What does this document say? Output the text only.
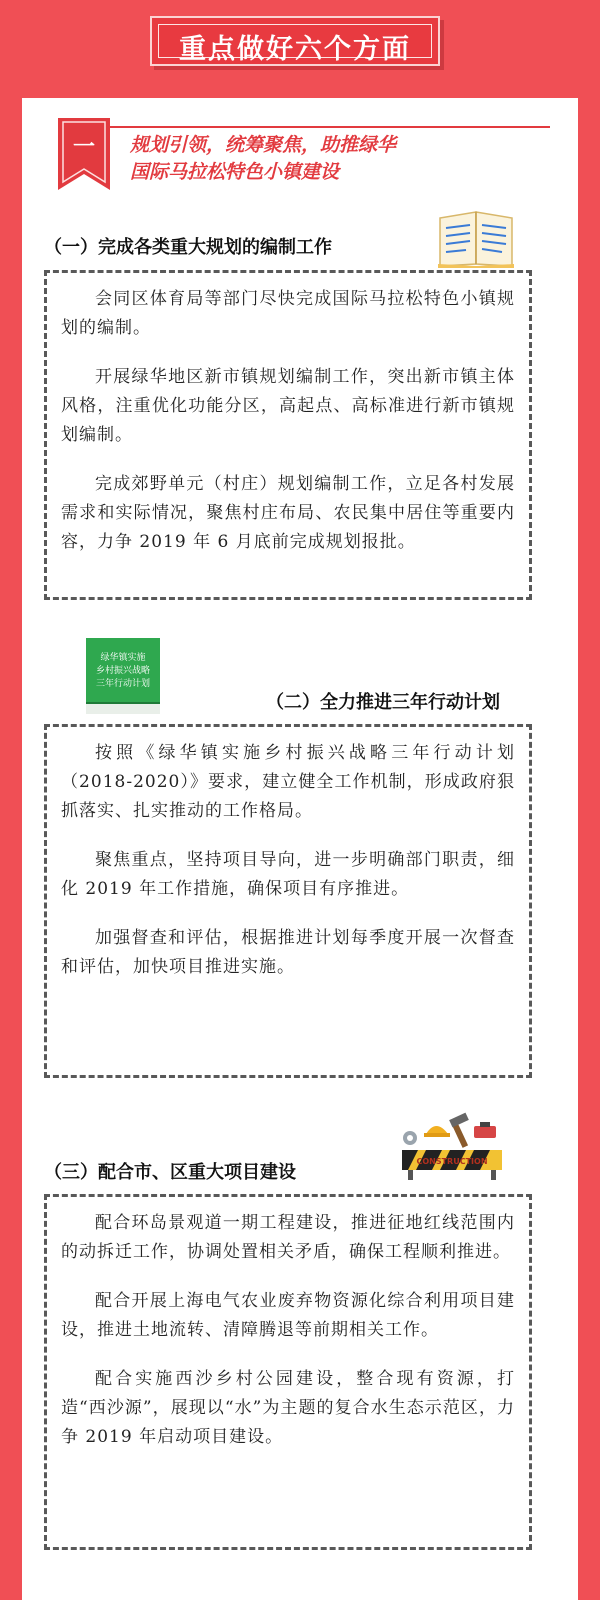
重点做好六个方面
一	规划引领，统筹聚焦，助推绿华
国际马拉松特色小镇建设
（一）完成各类重大规划的编制工作

会同区体育局等部门尽快完成国际马拉松特色小镇规划的编制。

开展绿华地区新市镇规划编制工作，突出新市镇主体风格，注重优化功能分区，高起点、高标准进行新市镇规划编制。

完成郊野单元（村庄）规划编制工作，立足各村发展需求和实际情况，聚焦村庄布局、农民集中居住等重要内容，力争 2019 年 6 月底前完成规划报批。

绿华镇实施
乡村振兴战略
三年行动计划
（二）全力推进三年行动计划

按照《绿华镇实施乡村振兴战略三年行动计划（2018-2020）》要求，建立健全工作机制，形成政府狠抓落实、扎实推动的工作格局。

聚焦重点，坚持项目导向，进一步明确部门职责，细化 2019 年工作措施，确保项目有序推进。

加强督查和评估，根据推进计划每季度开展一次督查和评估，加快项目推进实施。

（三）配合市、区重大项目建设
CONSTRUCTION

配合环岛景观道一期工程建设，推进征地红线范围内的动拆迁工作，协调处置相关矛盾，确保工程顺利推进。

配合开展上海电气农业废弃物资源化综合利用项目建设，推进土地流转、清障腾退等前期相关工作。

配合实施西沙乡村公园建设，整合现有资源，打造“西沙源”，展现以“水”为主题的复合水生态示范区，力争 2019 年启动项目建设。
